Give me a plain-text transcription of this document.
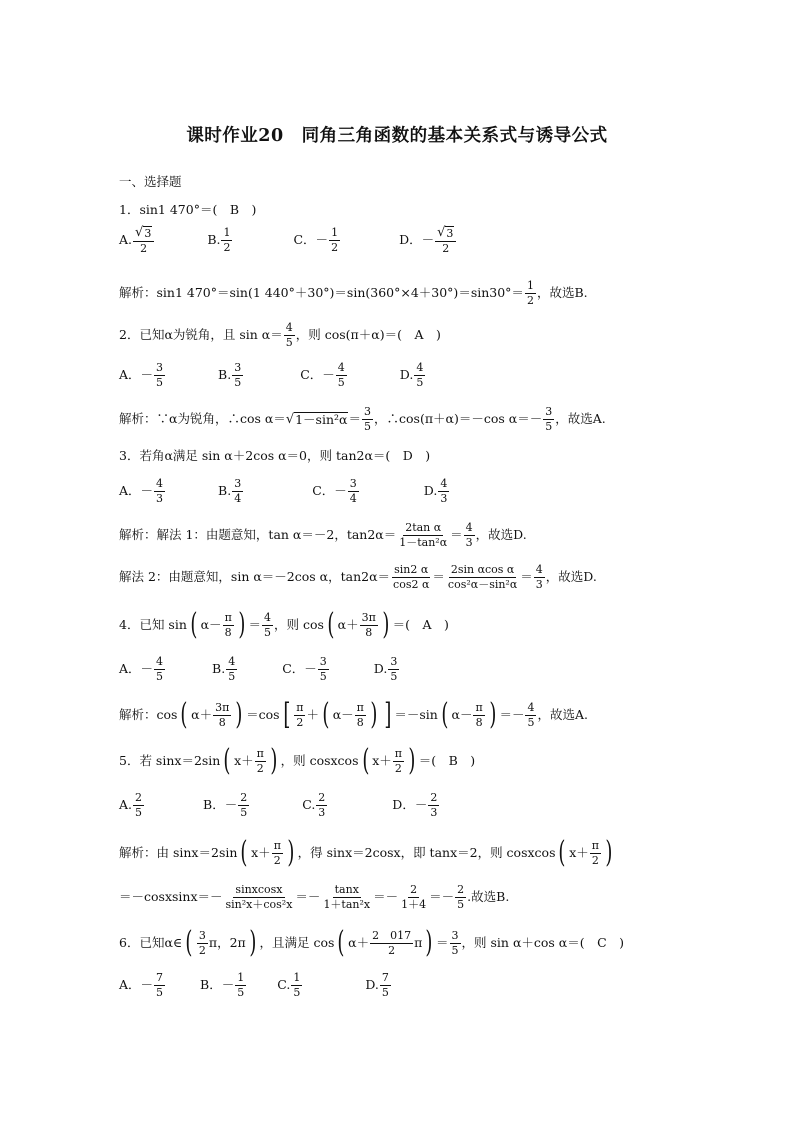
课时作业20　同角三角函数的基本关系式与诱导公式
一、选择题
1．sin1 470°＝(　B　)
A. $\frac{√ 3}{2}$	B. $\frac{1}{2}$	C．－ $\frac{1}{2}$	D．－ $\frac{√ 3}{2}$
解析：sin1 470°＝sin(1 $440^\circ+30^\circ)=\sin(360^\circ\times 4+30^\circ)=\sin 30^\circ= \frac{1}{2}$ ，故选B.
2．已知α为锐角，且 $\sin \alpha= \frac{4}{5}$ ，则 cos(π＋α)＝(　A　)
A．－ $\frac{3}{5}$	B. $\frac{3}{5}$	C．－ $\frac{4}{5}$	D. $\frac{4}{5}$
解析：∵α为锐角，∴cos α＝ √ $1-\sin^2\alpha = \frac{3}{5}$ ，∴cos(π＋α)＝－cos $\alpha=- \frac{3}{5}$ ，故选A.
3．若角α满足 sin α＋2cos α＝0，则 tan2α＝(　D　)
A．－ $\frac{4}{3}$	B. $\frac{3}{4}$	C．－ $\frac{3}{4}$	D. $\frac{4}{3}$
解析：解法 1：由题意知，tan α＝－2，$\tan 2\alpha= \frac{\text{2tan α}}{\text{1－tan²α}} = \frac{4}{3}$ ，故选D.
解法 2：由题意知，sin α＝－2cos α，$\tan 2\alpha= \frac{\sin 2 \alpha}{\cos 2 \alpha} = \frac{\text{2sin αcos α}}{\text{cos²α－sin²α}} = \frac{4}{3}$ ，故选D.
4．已知 sin ( $\alpha- \frac{\pi}{8}$ ) ＝ $\frac{4}{5}$ ，则 cos ( $\alpha+ \frac{3\pi}{8}$ ) ＝(　A　)
A．－ $\frac{4}{5}$	B. $\frac{4}{5}$	C．－ $\frac{3}{5}$	D. $\frac{3}{5}$
解析：cos ( $\alpha+ \frac{3\pi}{8}$ ) ＝cos [ $\frac{\pi}{2}$ ＋ ( $\alpha- \frac{\pi}{8}$ ) ] ＝－sin ( $\alpha- \frac{\pi}{8}$ ) ＝－ $\frac{4}{5}$ ，故选A.
5．若 sinx＝2sin ( $x+ \frac{\pi}{2}$ ) ，则 cosxcos ( $x+ \frac{\pi}{2}$ ) ＝(　B　)
A. $\frac{2}{5}$	B．－ $\frac{2}{5}$	C. $\frac{2}{3}$	D．－ $\frac{2}{3}$
解析：由 sinx＝2sin ( $x+ \frac{\pi}{2}$ ) ，得 sinx＝2cosx，即 tanx＝2，则 cosxcos ( $x+ \frac{\pi}{2}$ )
＝－cosxsinx＝－ $\frac{\text{sinxcosx}}{\text{sin²x＋cos²x}} =- \frac{\tan x}{\text{1＋tan²x}} =- \frac{2}{1+4} =- \frac{2}{5}$ .故选B.
6．已知α∈ ( $\frac{3}{2}$ π，2π ) ，且满足 cos ( $\alpha+ \frac{2 017}{2}$ π ) ＝ $\frac{3}{5}$ ，则 sin α＋cos α＝(　C　)
A．－ $\frac{7}{5}$	B．－ $\frac{1}{5} C$. $\frac{1}{5}$	D. $\frac{7}{5}$
